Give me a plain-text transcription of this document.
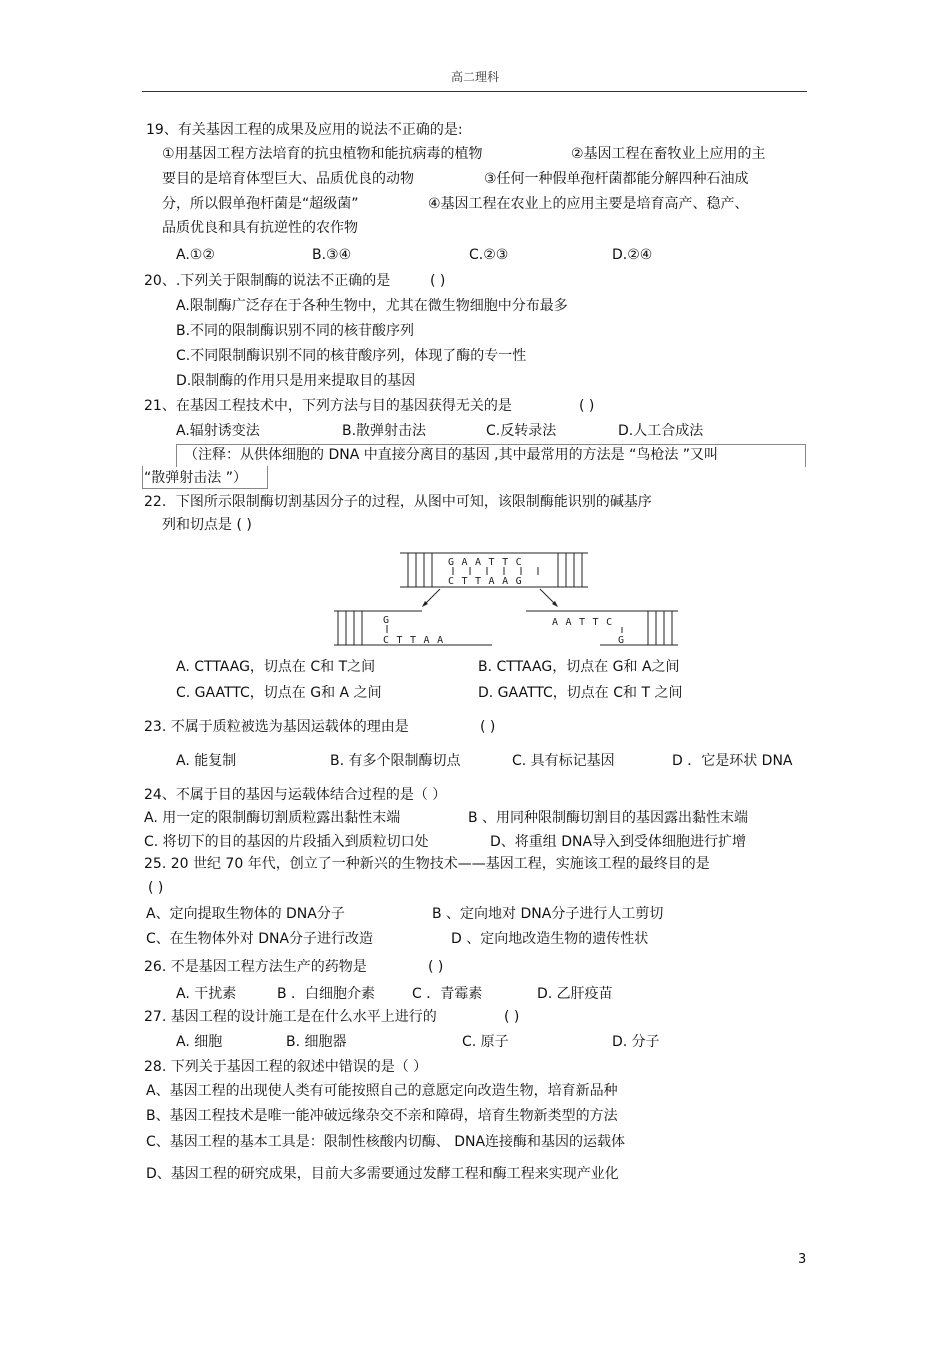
高二理科
19、有关基因工程的成果及应用的说法不正确的是:
①用基因工程方法培育的抗虫植物和能抗病毒的植物	②基因工程在畜牧业上应用的主
要目的是培育体型巨大、品质优良的动物	③任何一种假单孢杆菌都能分解四种石油成
分，所以假单孢杆菌是“超级菌”	④基因工程在农业上的应用主要是培育高产、稳产、
品质优良和具有抗逆性的农作物
A.①②	B.③④	C.②③	D.②④
20、.下列关于限制酶的说法不正确的是	( )
A.限制酶广泛存在于各种生物中，尤其在微生物细胞中分布最多
B.不同的限制酶识别不同的核苷酸序列
C.不同限制酶识别不同的核苷酸序列，体现了酶的专一性
D.限制酶的作用只是用来提取目的基因
21、在基因工程技术中，下列方法与目的基因获得无关的是	( )
A.辐射诱变法	B.散弹射击法	C.反转录法	D.人工合成法
（注释：从供体细胞的 DNA 中直接分离目的基因 ,其中最常用的方法是 “鸟枪法 ”又叫
“散弹射击法 ”）
22．下图所示限制酶切割基因分子的过程，从图中可知，该限制酶能识别的碱基序
列和切点是 ( )
GAATTC
CTTAAG
G
CTTAA
AATTC
G
A. CTTAAG，切点在 C和 T之间	B. CTTAAG，切点在 G和 A之间
C. GAATTC，切点在 G和 A 之间	D. GAATTC，切点在 C和 T 之间
23. 不属于质粒被选为基因运载体的理由是	( )
A. 能复制	B. 有多个限制酶切点	C. 具有标记基因	D ．它是环状 DNA
24、不属于目的基因与运载体结合过程的是（ ）
A. 用一定的限制酶切割质粒露出黏性末端	B 、用同种限制酶切割目的基因露出黏性末端
C. 将切下的目的基因的片段插入到质粒切口处	D、将重组 DNA导入到受体细胞进行扩增
25. 20 世纪 70 年代，创立了一种新兴的生物技术——基因工程，实施该工程的最终目的是
( )
A、定向提取生物体的 DNA分子	B 、定向地对 DNA分子进行人工剪切
C、在生物体外对 DNA分子进行改造	D 、定向地改造生物的遗传性状
26. 不是基因工程方法生产的药物是	( )
A. 干扰素	B ．白细胞介素	C ．青霉素	D. 乙肝疫苗
27. 基因工程的设计施工是在什么水平上进行的	( )
A. 细胞	B. 细胞器	C. 原子	D. 分子
28. 下列关于基因工程的叙述中错误的是（ ）
A、基因工程的出现使人类有可能按照自己的意愿定向改造生物，培育新品种
B、基因工程技术是唯一能冲破远缘杂交不亲和障碍，培育生物新类型的方法
C、基因工程的基本工具是：限制性核酸内切酶、 DNA连接酶和基因的运载体
D、基因工程的研究成果，目前大多需要通过发酵工程和酶工程来实现产业化
3
